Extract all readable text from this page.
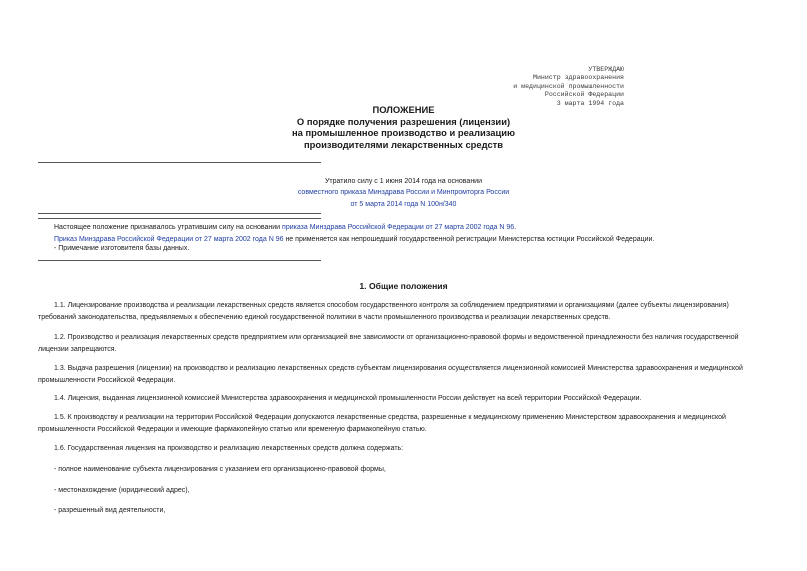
УТВЕРЖДАЮ
Министр здравоохранения
и медицинской промышленности
Российской Федерации
3 марта 1994 года
ПОЛОЖЕНИЕ
О порядке получения разрешения (лицензии)
на промышленное производство и реализацию
производителями лекарственных средств
Утратило силу с 1 июня 2014 года на основании
совместного приказа Минздрава России и Минпромторга России
от 5 марта 2014 года N 100н/340
Настоящее положение признавалось утратившим силу на основании приказа Минздрава Российской Федерации от 27 марта 2002 года N 96.
Приказ Минздрава Российской Федерации от 27 марта 2002 года N 96 не применяется как непрошедший государственной регистрации Министерства юстиции Российской Федерации.
- Примечание изготовителя базы данных.
1. Общие положения
1.1. Лицензирование производства и реализации лекарственных средств является способом государственного контроля за соблюдением предприятиями и организациями (далее субъекты лицензирования)
требований законодательства, предъявляемых к обеспечению единой государственной политики в части промышленного производства и реализации лекарственных средств.
1.2. Производство и реализация лекарственных средств предприятием или организацией вне зависимости от организационно-правовой формы и ведомственной принадлежности без наличия государственной
лицензии запрещаются.
1.3. Выдача разрешения (лицензии) на производство и реализацию лекарственных средств субъектам лицензирования осуществляется лицензионной комиссией Министерства здравоохранения и медицинской
промышленности Российской Федерации.
1.4. Лицензия, выданная лицензионной комиссией Министерства здравоохранения и медицинской промышленности России действует на всей территории Российской Федерации.
1.5. К производству и реализации на территории Российской Федерации допускаются лекарственные средства, разрешенные к медицинскому применению Министерством здравоохранения и медицинской
промышленности Российской Федерации и имеющие фармакопейную статью или временную фармакопейную статью.
1.6. Государственная лицензия на производство и реализацию лекарственных средств должна содержать:
- полное наименование субъекта лицензирования с указанием его организационно-правовой формы,
- местонахождение (юридический адрес),
- разрешенный вид деятельности,
